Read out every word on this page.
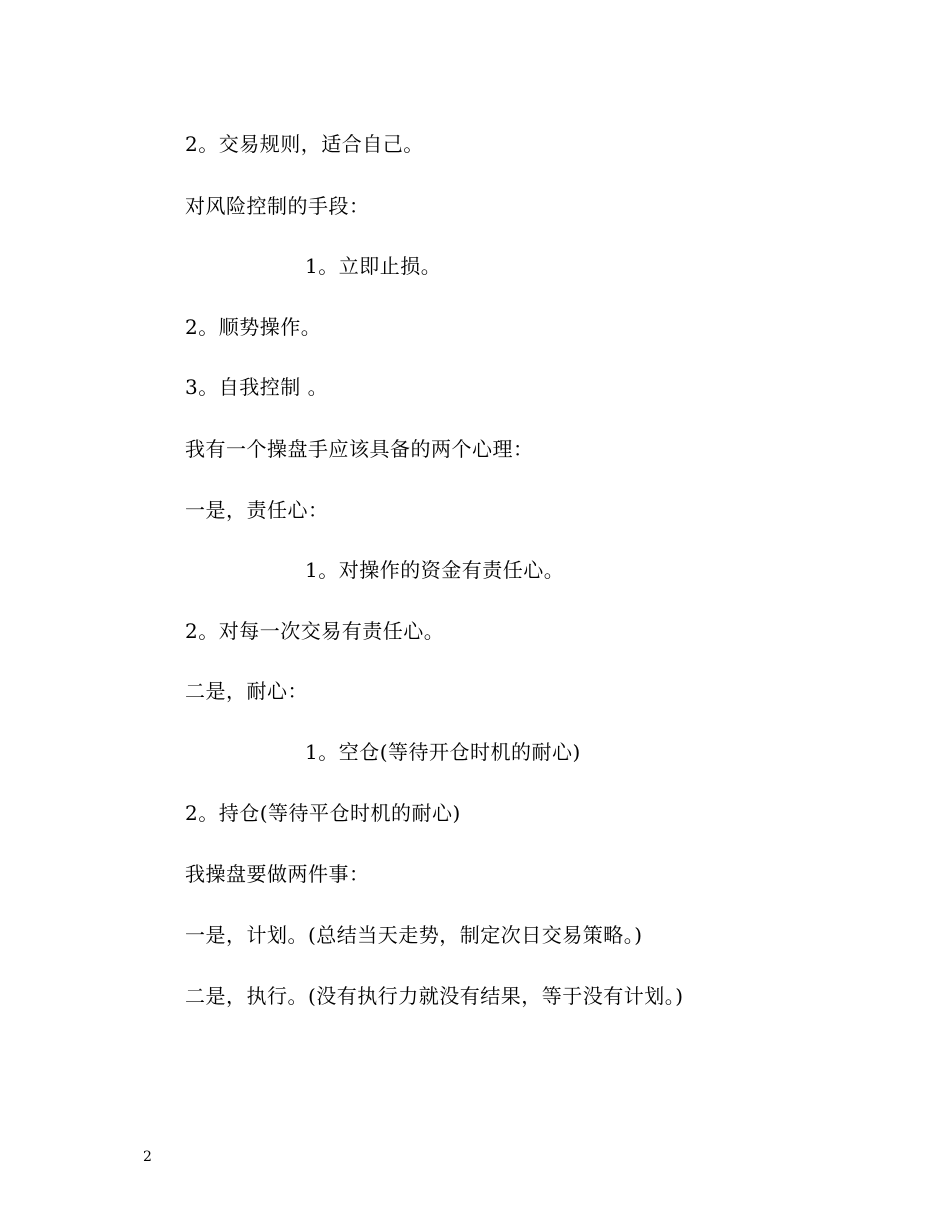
2。交易规则，适合自己。
对风险控制的手段：
1。立即止损。
2。顺势操作。
3。自我控制 。
我有一个操盘手应该具备的两个心理：
一是，责任心：
1。对操作的资金有责任心。
2。对每一次交易有责任心。
二是，耐心：
1。空仓(等待开仓时机的耐心)
2。持仓(等待平仓时机的耐心)
我操盘要做两件事：
一是，计划。(总结当天走势，制定次日交易策略。)
二是，执行。(没有执行力就没有结果，等于没有计划。)
2
